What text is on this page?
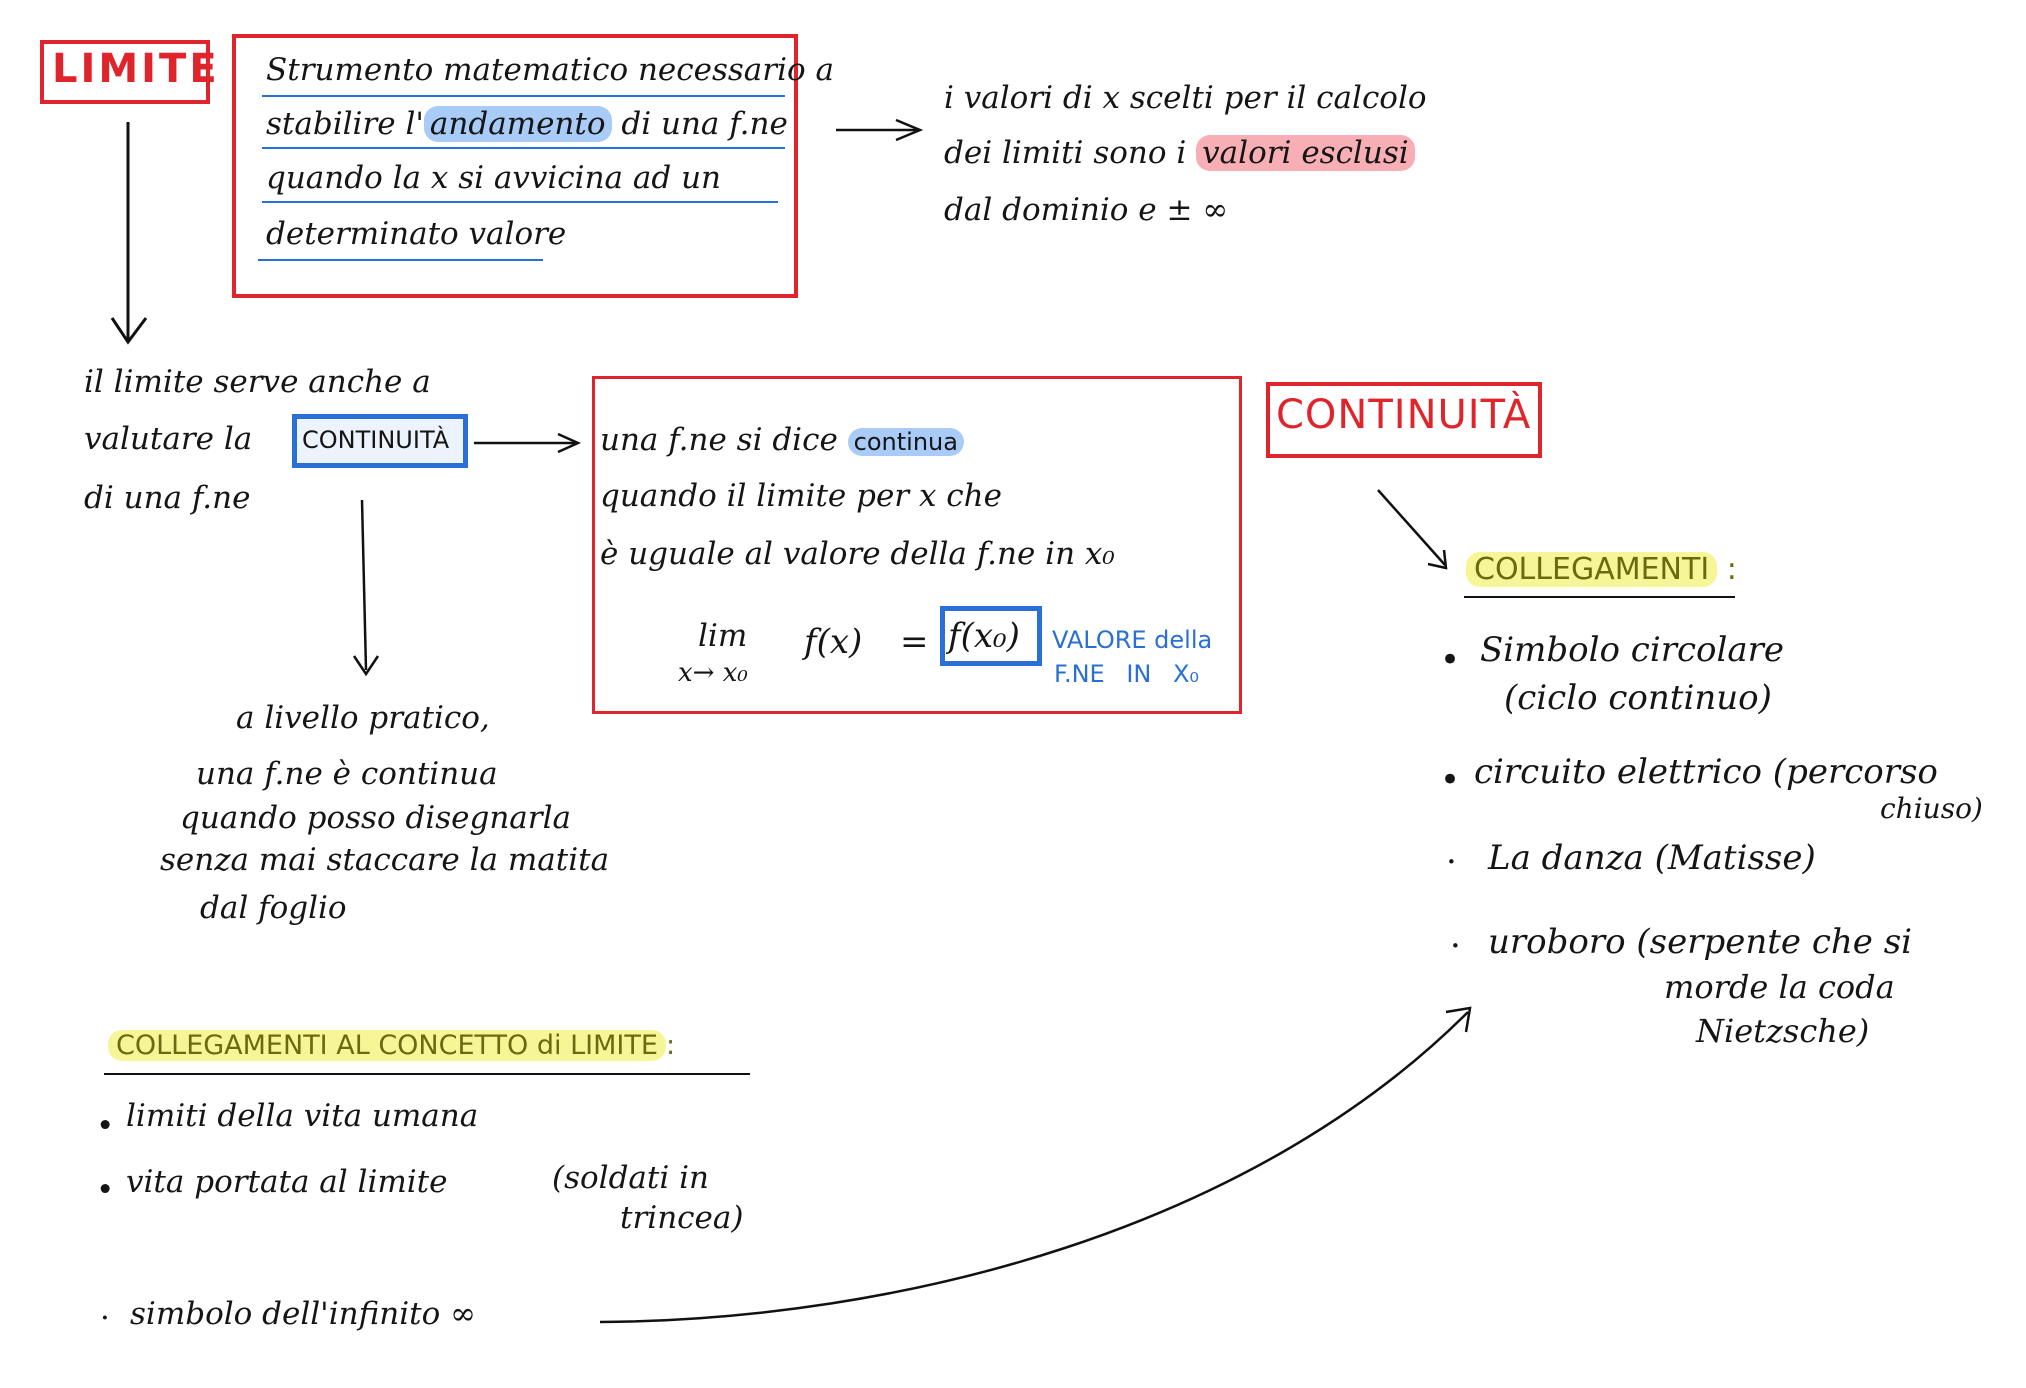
LIMITE Strumento matematico necessario a
stabilire l' andamento di una f.ne
quando la x si avvicina ad un
determinato valore
i valori di x scelti per il calcolo
dei limiti sono i valori esclusi
dal dominio e ± ∞
il limite serve anche a
valutare la CONTINUITÀ
di una f.ne
a livello pratico,
una f.ne è continua
quando posso disegnarla
senza mai staccare la matita
dal foglio
una f.ne si dice continua
quando il limite per x che
è uguale al valore della f.ne in x₀
lim
x→ x₀
f(x) = f(x₀) VALORE della
F.NE IN X₀
CONTINUITÀ
COLLEGAMENTI :
• Simbolo circolare
(ciclo continuo)
• circuito elettrico (percorso
chiuso)
· La danza (Matisse)
· uroboro (serpente che si
morde la coda
Nietzsche)
COLLEGAMENTI AL CONCETTO di LIMITE :
• limiti della vita umana
• vita portata al limite	(soldati in
trincea)
· simbolo dell'infinito ∞
